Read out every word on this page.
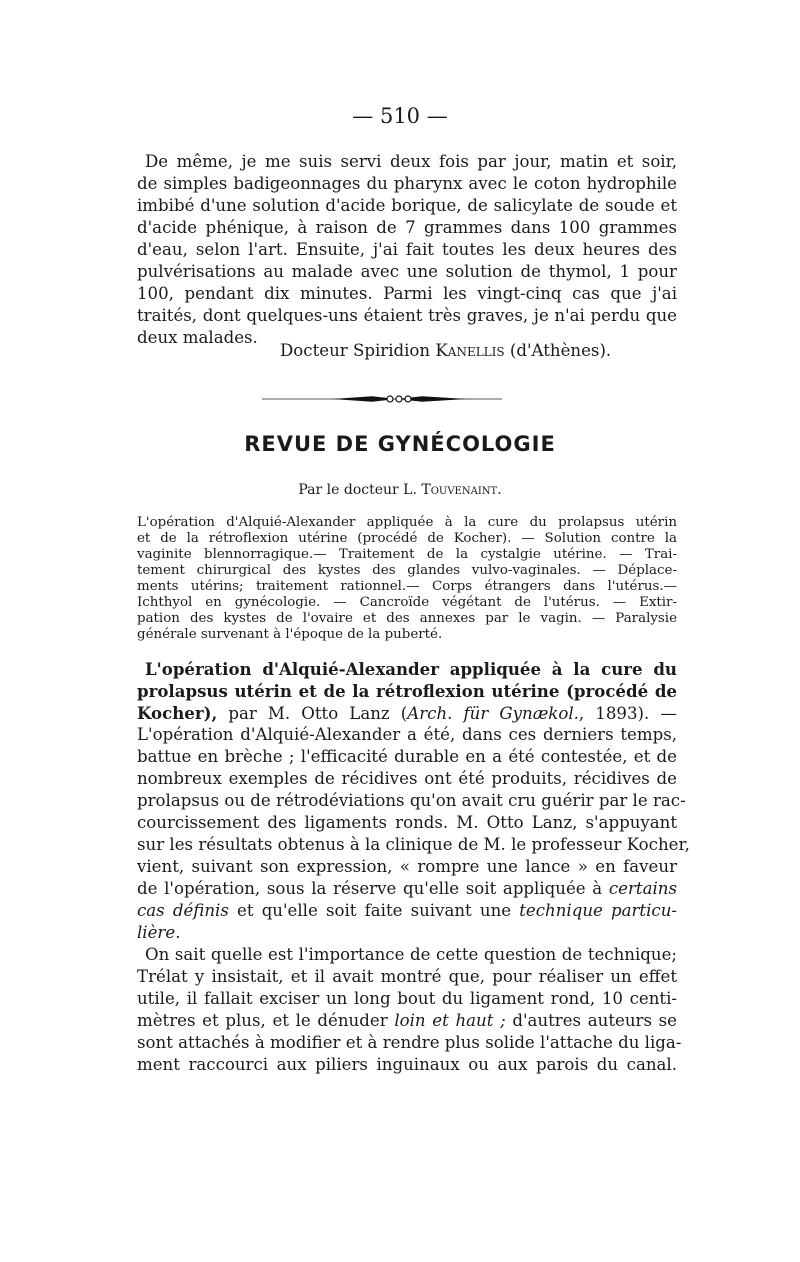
— 510 —
De même, je me suis servi deux fois par jour, matin et soir,
de simples badigeonnages du pharynx avec le coton hydrophile
imbibé d'une solution d'acide borique, de salicylate de soude et
d'acide phénique, à raison de 7 grammes dans 100 grammes
d'eau, selon l'art. Ensuite, j'ai fait toutes les deux heures des
pulvérisations au malade avec une solution de thymol, 1 pour
100, pendant dix minutes. Parmi les vingt-cinq cas que j'ai
traités, dont quelques-uns étaient très graves, je n'ai perdu que
deux malades.
Docteur Spiridion Kanellis (d'Athènes).
REVUE DE GYNÉCOLOGIE
Par le docteur L. Touvenaint.
L'opération d'Alquié-Alexander appliquée à la cure du prolapsus utérin
et de la rétroflexion utérine (procédé de Kocher). — Solution contre la
vaginite blennorragique.— Traitement de la cystalgie utérine. — Trai-
tement chirurgical des kystes des glandes vulvo-vaginales. — Déplace-
ments utérins; traitement rationnel.— Corps étrangers dans l'utérus.—
Ichthyol en gynécologie. — Cancroïde végétant de l'utérus. — Extir-
pation des kystes de l'ovaire et des annexes par le vagin. — Paralysie
générale survenant à l'époque de la puberté.
L'opération d'Alquié-Alexander appliquée à la cure du
prolapsus utérin et de la rétroflexion utérine (procédé de
Kocher), par M. Otto Lanz (Arch. für Gynækol., 1893). —
L'opération d'Alquié-Alexander a été, dans ces derniers temps,
battue en brèche ; l'efficacité durable en a été contestée, et de
nombreux exemples de récidives ont été produits, récidives de
prolapsus ou de rétrodéviations qu'on avait cru guérir par le rac-
courcissement des ligaments ronds. M. Otto Lanz, s'appuyant
sur les résultats obtenus à la clinique de M. le professeur Kocher,
vient, suivant son expression, « rompre une lance » en faveur
de l'opération, sous la réserve qu'elle soit appliquée à certains
cas définis et qu'elle soit faite suivant une technique particu-
lière.
On sait quelle est l'importance de cette question de technique;
Trélat y insistait, et il avait montré que, pour réaliser un effet
utile, il fallait exciser un long bout du ligament rond, 10 centi-
mètres et plus, et le dénuder loin et haut ; d'autres auteurs se
sont attachés à modifier et à rendre plus solide l'attache du liga-
ment raccourci aux piliers inguinaux ou aux parois du canal.
